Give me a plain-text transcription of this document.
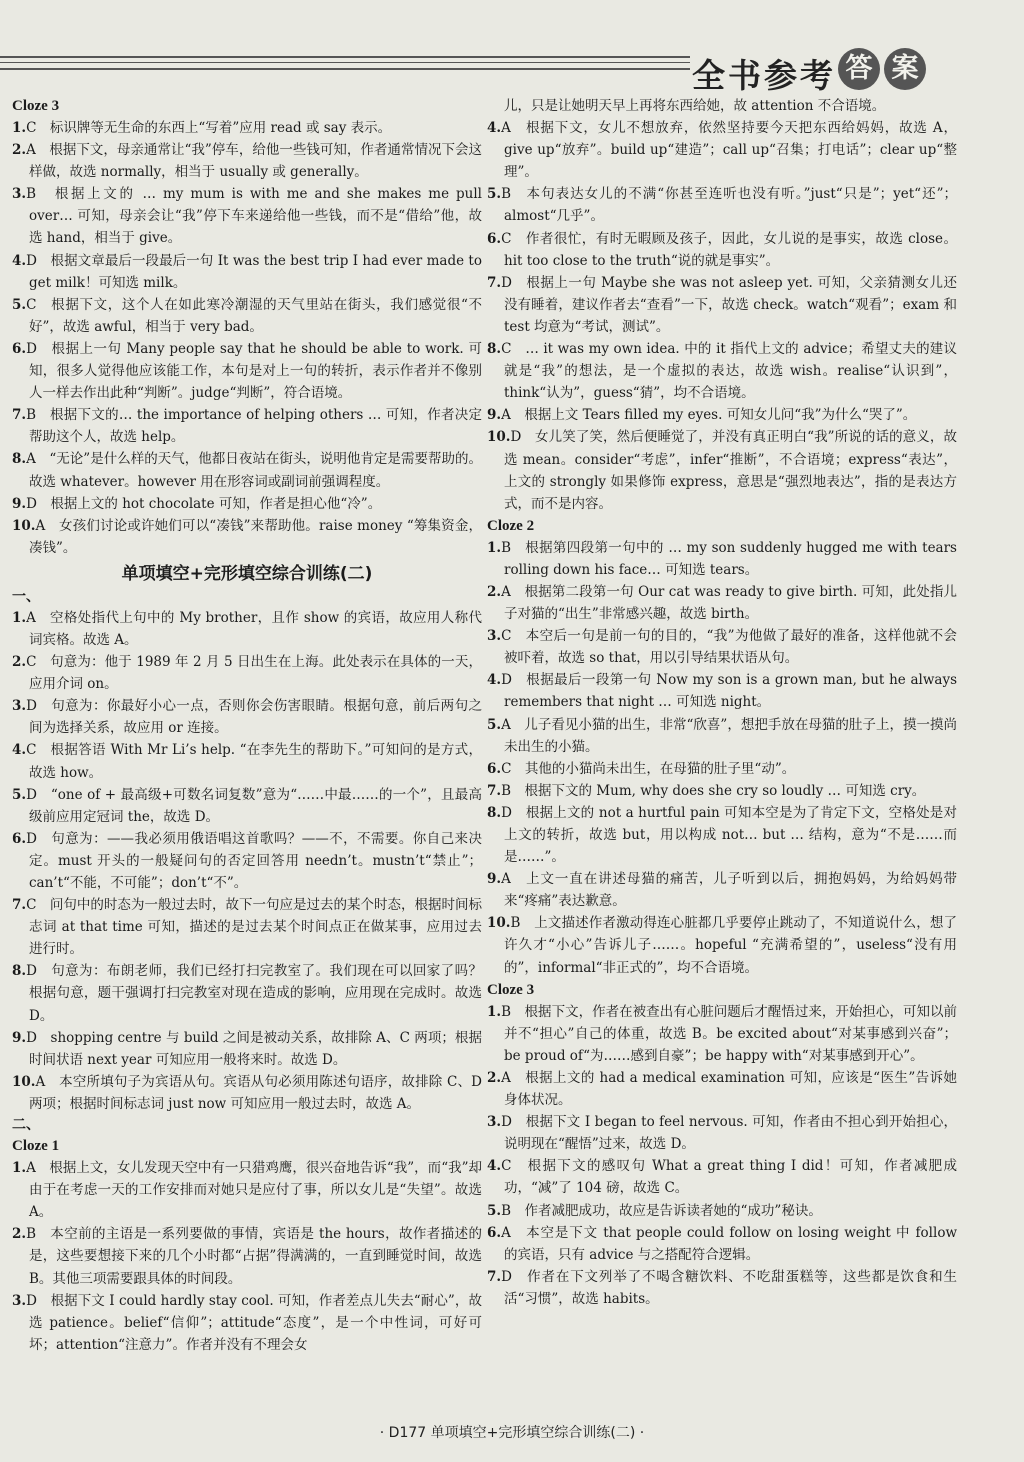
全书参考 答 案
Cloze 3
1.C　标识牌等无生命的东西上“写着”应用 read 或 say 表示。
2.A　根据下文，母亲通常让“我”停车，给他一些钱可知，作者通常情况下会这样做，故选 normally，相当于 usually 或 generally。
3.B　根据上文的 … my mum is with me and she makes me pull over… 可知，母亲会让“我”停下车来递给他一些钱，而不是“借给”他，故选 hand，相当于 give。
4.D　根据文章最后一段最后一句 It was the best trip I had ever made to get milk！可知选 milk。
5.C　根据下文，这个人在如此寒冷潮湿的天气里站在街头，我们感觉很“不好”，故选 awful，相当于 very bad。
6.D　根据上一句 Many people say that he should be able to work. 可知，很多人觉得他应该能工作，本句是对上一句的转折，表示作者并不像别人一样去作出此种“判断”。judge“判断”，符合语境。
7.B　根据下文的… the importance of helping others … 可知，作者决定帮助这个人，故选 help。
8.A　“无论”是什么样的天气，他都日夜站在街头，说明他肯定是需要帮助的。故选 whatever。however 用在形容词或副词前强调程度。
9.D　根据上文的 hot chocolate 可知，作者是担心他“冷”。
10.A　女孩们讨论或许她们可以“凑钱”来帮助他。raise money “筹集资金，凑钱”。
单项填空+完形填空综合训练(二)
一、
1.A　空格处指代上句中的 My brother，且作 show 的宾语，故应用人称代词宾格。故选 A。
2.C　句意为：他于 1989 年 2 月 5 日出生在上海。此处表示在具体的一天，应用介词 on。
3.D　句意为：你最好小心一点，否则你会伤害眼睛。根据句意，前后两句之间为选择关系，故应用 or 连接。
4.C　根据答语 With Mr Li’s help. “在李先生的帮助下。”可知问的是方式，故选 how。
5.D　“one of + 最高级+可数名词复数”意为“……中最……的一个”，且最高级前应用定冠词 the，故选 D。
6.D　句意为：——我必须用俄语唱这首歌吗？——不，不需要。你自己来决定。must 开头的一般疑问句的否定回答用 needn’t。mustn’t“禁止”；can’t“不能，不可能”；don’t“不”。
7.C　问句中的时态为一般过去时，故下一句应是过去的某个时态，根据时间标志词 at that time 可知，描述的是过去某个时间点正在做某事，应用过去进行时。
8.D　句意为：布朗老师，我们已经打扫完教室了。我们现在可以回家了吗？根据句意，题干强调打扫完教室对现在造成的影响，应用现在完成时。故选 D。
9.D　shopping centre 与 build 之间是被动关系，故排除 A、C 两项；根据时间状语 next year 可知应用一般将来时。故选 D。
10.A　本空所填句子为宾语从句。宾语从句必须用陈述句语序，故排除 C、D 两项；根据时间标志词 just now 可知应用一般过去时，故选 A。
二、
Cloze 1
1.A　根据上文，女儿发现天空中有一只猎鸡鹰，很兴奋地告诉“我”，而“我”却由于在考虑一天的工作安排而对她只是应付了事，所以女儿是“失望”。故选 A。
2.B　本空前的主语是一系列要做的事情，宾语是 the hours，故作者描述的是，这些要想接下来的几个小时都“占据”得满满的，一直到睡觉时间，故选 B。其他三项需要跟具体的时间段。
3.D　根据下文 I could hardly stay cool. 可知，作者差点儿失去“耐心”，故选 patience。belief“信仰”；attitude“态度”，是一个中性词，可好可坏；attention“注意力”。作者并没有不理会女
儿，只是让她明天早上再将东西给她，故 attention 不合语境。
4.A　根据下文，女儿不想放弃，依然坚持要今天把东西给妈妈，故选 A，give up“放弃”。build up“建造”；call up“召集；打电话”；clear up“整理”。
5.B　本句表达女儿的不满“你甚至连听也没有听。”just“只是”；yet“还”；almost“几乎”。
6.C　作者很忙，有时无暇顾及孩子，因此，女儿说的是事实，故选 close。hit too close to the truth“说的就是事实”。
7.D　根据上一句 Maybe she was not asleep yet. 可知，父亲猜测女儿还没有睡着，建议作者去“查看”一下，故选 check。watch“观看”；exam 和 test 均意为“考试，测试”。
8.C　… it was my own idea. 中的 it 指代上文的 advice；希望丈夫的建议就是“我”的想法，是一个虚拟的表达，故选 wish。realise“认识到”，think“认为”，guess“猜”，均不合语境。
9.A　根据上文 Tears filled my eyes. 可知女儿问“我”为什么“哭了”。
10.D　女儿笑了笑，然后便睡觉了，并没有真正明白“我”所说的话的意义，故选 mean。consider“考虑”，infer“推断”，不合语境；express“表达”，上文的 strongly 如果修饰 express，意思是“强烈地表达”，指的是表达方式，而不是内容。
Cloze 2
1.B　根据第四段第一句中的 … my son suddenly hugged me with tears rolling down his face… 可知选 tears。
2.A　根据第二段第一句 Our cat was ready to give birth. 可知，此处指儿子对猫的“出生”非常感兴趣，故选 birth。
3.C　本空后一句是前一句的目的，“我”为他做了最好的准备，这样他就不会被吓着，故选 so that，用以引导结果状语从句。
4.D　根据最后一段第一句 Now my son is a grown man, but he always remembers that night … 可知选 night。
5.A　儿子看见小猫的出生，非常“欣喜”，想把手放在母猫的肚子上，摸一摸尚未出生的小猫。
6.C　其他的小猫尚未出生，在母猫的肚子里“动”。
7.B　根据下文的 Mum, why does she cry so loudly … 可知选 cry。
8.D　根据上文的 not a hurtful pain 可知本空是为了肯定下文，空格处是对上文的转折，故选 but，用以构成 not… but … 结构，意为“不是……而是……”。
9.A　上文一直在讲述母猫的痛苦，儿子听到以后，拥抱妈妈，为给妈妈带来“疼痛”表达歉意。
10.B　上文描述作者激动得连心脏都几乎要停止跳动了，不知道说什么，想了许久才“小心”告诉儿子……。hopeful “充满希望的”，useless“没有用的”，informal“非正式的”，均不合语境。
Cloze 3
1.B　根据下文，作者在被查出有心脏问题后才醒悟过来，开始担心，可知以前并不“担心”自己的体重，故选 B。be excited about“对某事感到兴奋”；be proud of“为……感到自豪”；be happy with“对某事感到开心”。
2.A　根据上文的 had a medical examination 可知，应该是“医生”告诉她身体状况。
3.D　根据下文 I began to feel nervous. 可知，作者由不担心到开始担心，说明现在“醒悟”过来，故选 D。
4.C　根据下文的感叹句 What a great thing I did！可知，作者减肥成功，“减”了 104 磅，故选 C。
5.B　作者减肥成功，故应是告诉读者她的“成功”秘诀。
6.A　本空是下文 that people could follow on losing weight 中 follow 的宾语，只有 advice 与之搭配符合逻辑。
7.D　作者在下文列举了不喝含糖饮料、不吃甜蛋糕等，这些都是饮食和生活“习惯”，故选 habits。
· D177 单项填空+完形填空综合训练(二) ·
